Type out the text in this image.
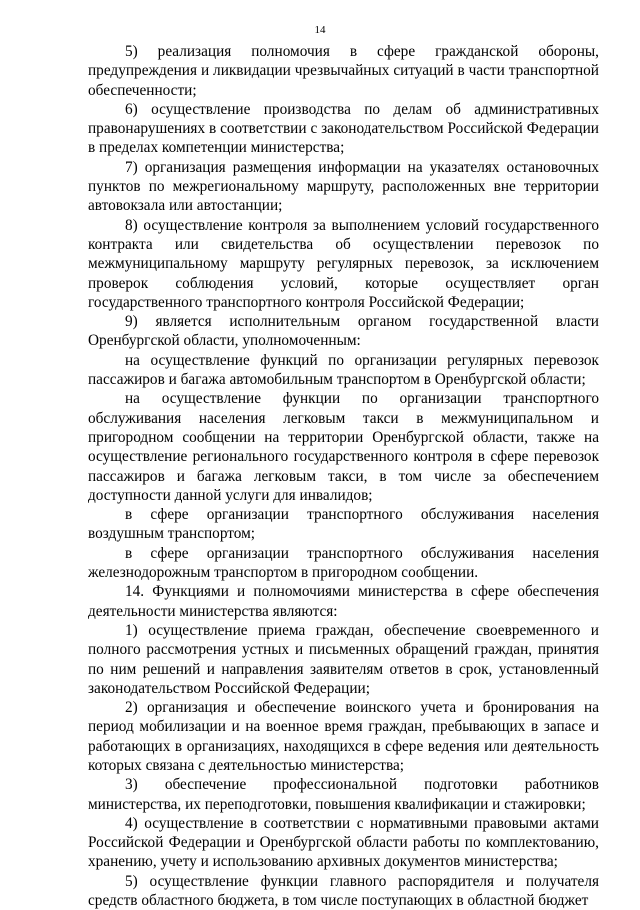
14

5) реализация полномочия в сфере гражданской обороны, предупреждения и ликвидации чрезвычайных ситуаций в части транспортной обеспеченности;

6) осуществление производства по делам об административных правонарушениях в соответствии с законодательством Российской Федерации в пределах компетенции министерства;

7) организация размещения информации на указателях остановочных пунктов по межрегиональному маршруту, расположенных вне территории автовокзала или автостанции;

8) осуществление контроля за выполнением условий государственного контракта или свидетельства об осуществлении перевозок по межмуниципальному маршруту регулярных перевозок, за исключением проверок соблюдения условий, которые осуществляет орган государственного транспортного контроля Российской Федерации;

9) является исполнительным органом государственной власти Оренбургской области, уполномоченным:

на осуществление функций по организации регулярных перевозок пассажиров и багажа автомобильным транспортом в Оренбургской области;

на осуществление функции по организации транспортного обслуживания населения легковым такси в межмуниципальном и пригородном сообщении на территории Оренбургской области, также на осуществление регионального государственного контроля в сфере перевозок пассажиров и багажа легковым такси, в том числе за обеспечением доступности данной услуги для инвалидов;

в сфере организации транспортного обслуживания населения воздушным транспортом;

в сфере организации транспортного обслуживания населения железнодорожным транспортом в пригородном сообщении.

14. Функциями и полномочиями министерства в сфере обеспечения деятельности министерства являются:

1) осуществление приема граждан, обеспечение своевременного и полного рассмотрения устных и письменных обращений граждан, принятия по ним решений и направления заявителям ответов в срок, установленный законодательством Российской Федерации;

2) организация и обеспечение воинского учета и бронирования на период мобилизации и на военное время граждан, пребывающих в запасе и работающих в организациях, находящихся в сфере ведения или деятельность которых связана с деятельностью министерства;

3) обеспечение профессиональной подготовки работников министерства, их переподготовки, повышения квалификации и стажировки;

4) осуществление в соответствии с нормативными правовыми актами Российской Федерации и Оренбургской области работы по комплектованию, хранению, учету и использованию архивных документов министерства;

5) осуществление функции главного распорядителя и получателя средств областного бюджета, в том числе поступающих в областной бюджет
